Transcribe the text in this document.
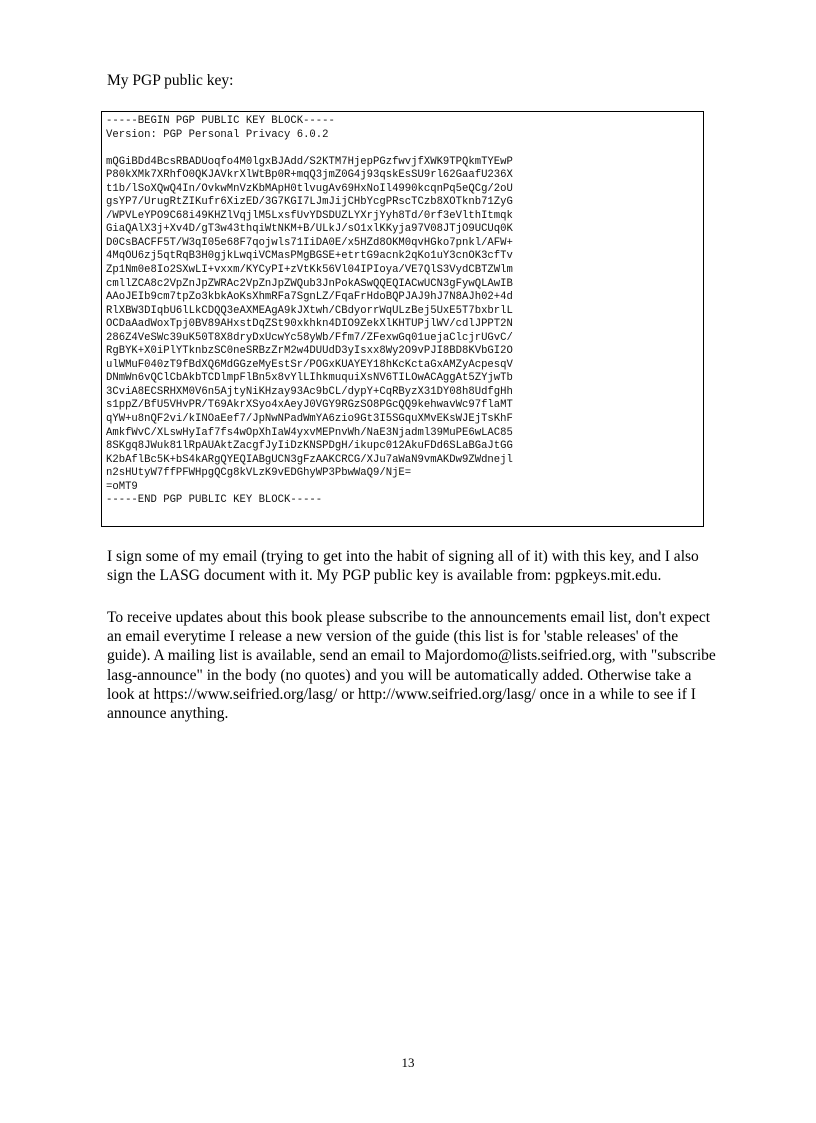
My PGP public key:

-----BEGIN PGP PUBLIC KEY BLOCK-----
Version: PGP Personal Privacy 6.0.2

mQGiBDd4BcsRBADUoqfo4M0lgxBJAdd/S2KTM7HjepPGzfwvjfXWK9TPQkmTYEwP
P80kXMk7XRhfO0QKJAVkrXlWtBp0R+mqQ3jmZ0G4j93qskEsSU9rl62GaafU236X
t1b/lSoXQwQ4In/OvkwMnVzKbMApH0tlvugAv69HxNoIl4990kcqnPq5eQCg/2oU
gsYP7/UrugRtZIKufr6XizED/3G7KGI7LJmJijCHbYcgPRscTCzb8XOTknb71ZyG
/WPVLeYPO9C68i49KHZlVqjlM5LxsfUvYDSDUZLYXrjYyh8Td/0rf3eVlthItmqk
GiaQAlX3j+Xv4D/gT3w43thqiWtNKM+B/ULkJ/sO1xlKKyja97V08JTjO9UCUq0K
D0CsBACFF5T/W3qI05e68F7qojwls71IiDA0E/x5HZd8OKM0qvHGko7pnkl/AFW+
4MqOU6zj5qtRqB3H0gjkLwqiVCMasPMgBGSE+etrtG9acnk2qKo1uY3cnOK3cfTv
Zp1Nm0e8Io2SXwLI+vxxm/KYCyPI+zVtKk56Vl04IPIoya/VE7QlS3VydCBTZWlm
cmllZCA8c2VpZnJpZWRAc2VpZnJpZWQub3JnPokASwQQEQIACwUCN3gFywQLAwIB
AAoJEIb9cm7tpZo3kbkAoKsXhmRFa7SgnLZ/FqaFrHdoBQPJAJ9hJ7N8AJh02+4d
RlXBW3DIqbU6lLkCDQQ3eAXMEAgA9kJXtwh/CBdyorrWqULzBej5UxE5T7bxbrlL
OCDaAadWoxTpj0BV89AHxstDqZSt90xkhkn4DIO9ZekXlKHTUPjlWV/cdlJPPT2N
286Z4VeSWc39uK50T8X8dryDxUcwYc58yWb/Ffm7/ZFexwGq01uejaClcjrUGvC/
RgBYK+X0iPlYTknbzSC0neSRBzZrM2w4DUUdD3yIsxx8Wy2O9vPJI8BD8KVbGI2O
ulWMuF040zT9fBdXQ6MdGGzeMyEstSr/POGxKUAYEY18hKcKctaGxAMZyAcpesqV
DNmWn6vQClCbAkbTCDlmpFlBn5x8vYlLIhkmuquiXsNV6TILOwACAggAt5ZYjwTb
3CviA8ECSRHXM0V6n5AjtyNiKHzay93Ac9bCL/dypY+CqRByzX31DY08h8UdfgHh
s1ppZ/BfU5VHvPR/T69AkrXSyo4xAeyJ0VGY9RGzSO8PGcQQ9kehwavWc97flaMT
qYW+u8nQF2vi/kINOaEef7/JpNwNPadWmYA6zio9Gt3I5SGquXMvEKsWJEjTsKhF
AmkfWvC/XLswHyIaf7fs4wOpXhIaW4yxvMEPnvWh/NaE3Njadml39MuPE6wLAC85
8SKgq8JWuk81lRpAUAktZacgfJyIiDzKNSPDgH/ikupc012AkuFDd6SLaBGaJtGG
K2bAflBc5K+bS4kARgQYEQIABgUCN3gFzAAKCRCG/XJu7aWaN9vmAKDw9ZWdnejl
n2sHUtyW7ffPFWHpgQCg8kVLzK9vEDGhyWP3PbwWaQ9/NjE=
=oMT9
-----END PGP PUBLIC KEY BLOCK-----

I sign some of my email (trying to get into the habit of signing all of it) with this key, and I also sign the LASG document with it. My PGP public key is available from: pgpkeys.mit.edu.

To receive updates about this book please subscribe to the announcements email list, don't expect an email everytime I release a new version of the guide (this list is for 'stable releases' of the guide). A mailing list is available, send an email to Majordomo@lists.seifried.org, with "subscribe lasg-announce" in the body (no quotes) and you will be automatically added. Otherwise take a look at https://www.seifried.org/lasg/ or http://www.seifried.org/lasg/ once in a while to see if I announce anything.

13
